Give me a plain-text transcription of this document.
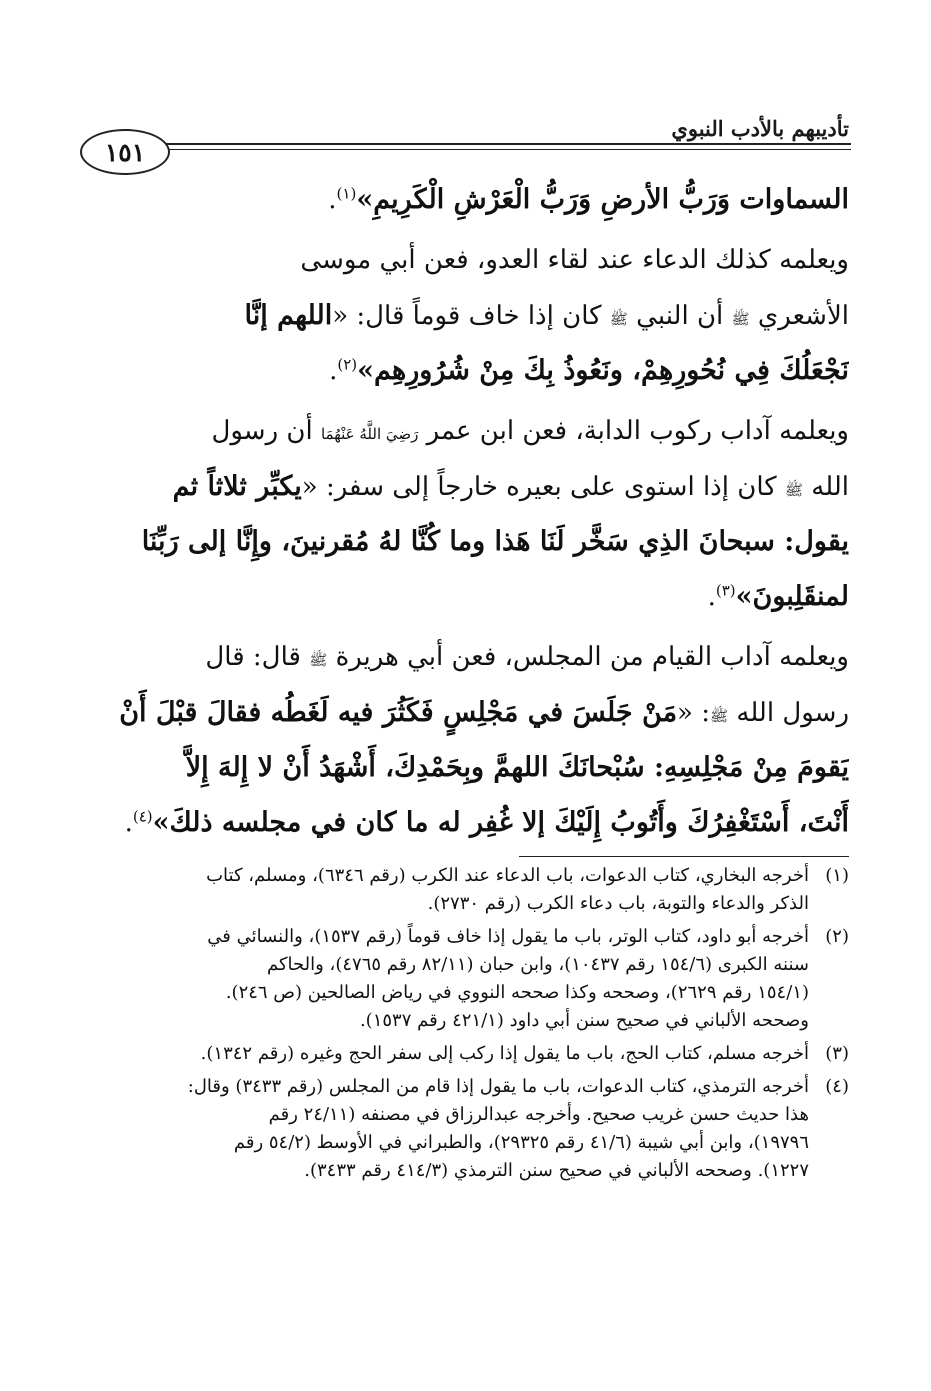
تأديبهم بالأدب النبوي
١٥١
السماوات وَرَبُّ الأرضِ وَرَبُّ الْعَرْشِ الْكَرِيمِ»$^{(١)}$.
ويعلمه كذلك الدعاء عند لقاء العدو، فعن أبي موسى
الأشعري ﷺ أن النبي ﷺ كان إذا خاف قوماً قال: «اللهم إنَّا
نَجْعَلُكَ فِي نُحُورِهِمْ، ونَعُوذُ بِكَ مِنْ شُرُورِهِم»$^{(٢)}$.
ويعلمه آداب ركوب الدابة، فعن ابن عمر رَضِيَ اللَّهُ عَنْهُمَا أن رسول
الله ﷺ كان إذا استوى على بعيره خارجاً إلى سفر: «يكبِّر ثلاثاً ثم
يقول: سبحانَ الذِي سَخَّر لَنَا هَذا وما كُنَّا لهُ مُقرنينَ، وإِنَّا إلى رَبِّنَا
لمنقَلِبونَ»$^{(٣)}$.
ويعلمه آداب القيام من المجلس، فعن أبي هريرة ﷺ قال: قال
رسول الله ﷺ: «مَنْ جَلَسَ في مَجْلِسٍ فَكَثُرَ فيه لَغَطُه فقالَ قبْلَ أَنْ
يَقومَ مِنْ مَجْلِسِهِ: سُبْحانَكَ اللهمَّ وبِحَمْدِكَ، أَشْهَدُ أَنْ لا إِلهَ إِلاَّ
أَنْتَ، أَسْتَغْفِرُكَ وأَتُوبُ إِلَيْكَ إلا غُفِر له ما كان في مجلسه ذلكَ»$^{(٤)}$.
(١)أخرجه البخاري، كتاب الدعوات، باب الدعاء عند الكرب (رقم ٦٣٤٦)، ومسلم، كتاب
الذكر والدعاء والتوبة، باب دعاء الكرب (رقم ٢٧٣٠).
(٢)أخرجه أبو داود، كتاب الوتر، باب ما يقول إذا خاف قوماً (رقم ١٥٣٧)، والنسائي في
سننه الكبرى (١٥٤/٦ رقم ١٠٤٣٧)، وابن حبان (٨٢/١١ رقم ٤٧٦٥)، والحاكم
(١٥٤/١ رقم ٢٦٢٩)، وصححه وكذا صححه النووي في رياض الصالحين (ص ٢٤٦).
وصححه الألباني في صحيح سنن أبي داود (٤٢١/١ رقم ١٥٣٧).
(٣)أخرجه مسلم، كتاب الحج، باب ما يقول إذا ركب إلى سفر الحج وغيره (رقم ١٣٤٢).
(٤)أخرجه الترمذي، كتاب الدعوات، باب ما يقول إذا قام من المجلس (رقم ٣٤٣٣) وقال:
هذا حديث حسن غريب صحيح. وأخرجه عبدالرزاق في مصنفه (٢٤/١١ رقم
١٩٧٩٦)، وابن أبي شيبة (٤١/٦ رقم ٢٩٣٢٥)، والطبراني في الأوسط (٥٤/٢ رقم
١٢٢٧). وصححه الألباني في صحيح سنن الترمذي (٤١٤/٣ رقم ٣٤٣٣).
